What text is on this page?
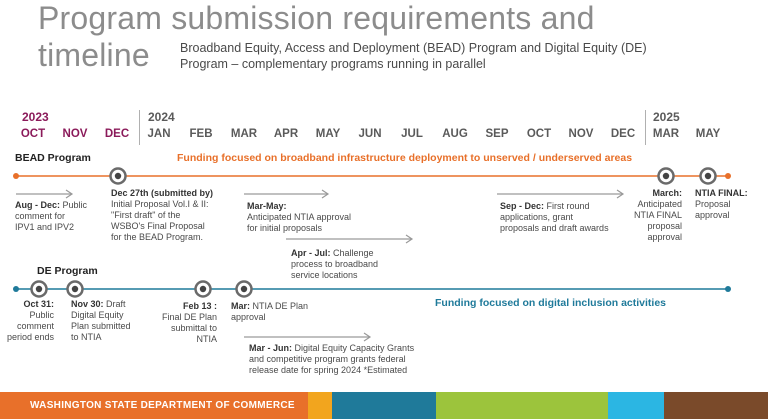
Program submission requirements and
timeline	Broadband Equity, Access and Deployment (BEAD) Program and Digital Equity (DE)
Program – complementary programs running in parallel
2023	2024	2025
OCT NOV DEC JAN FEB MAR APR MAY JUN JUL AUG SEP OCT NOV DEC MAR MAY
BEAD Program	Funding focused on broadband infrastructure deployment to unserved / underserved areas
Aug - Dec: Public
comment for
IPV1 and IPV2
Dec 27th (submitted by)
Initial Proposal Vol.I & II:
"First draft" of the
WSBO's Final Proposal
for the BEAD Program.
Mar-May:
Anticipated NTIA approval
for initial proposals
Apr - Jul: Challenge
process to broadband
service locations
Sep - Dec: First round
applications, grant
proposals and draft awards
March:
Anticipated
NTIA FINAL
proposal
approval
NTIA FINAL:
Proposal
approval
DE Program
Funding focused on digital inclusion activities
Oct 31:
Public
comment
period ends
Nov 30: Draft
Digital Equity
Plan submitted
to NTIA
Feb 13 :
Final DE Plan
submittal to
NTIA
Mar: NTIA DE Plan
approval
Mar - Jun: Digital Equity Capacity Grants
and competitive program grants federal
release date for spring 2024 *Estimated
WASHINGTON STATE DEPARTMENT OF COMMERCE
